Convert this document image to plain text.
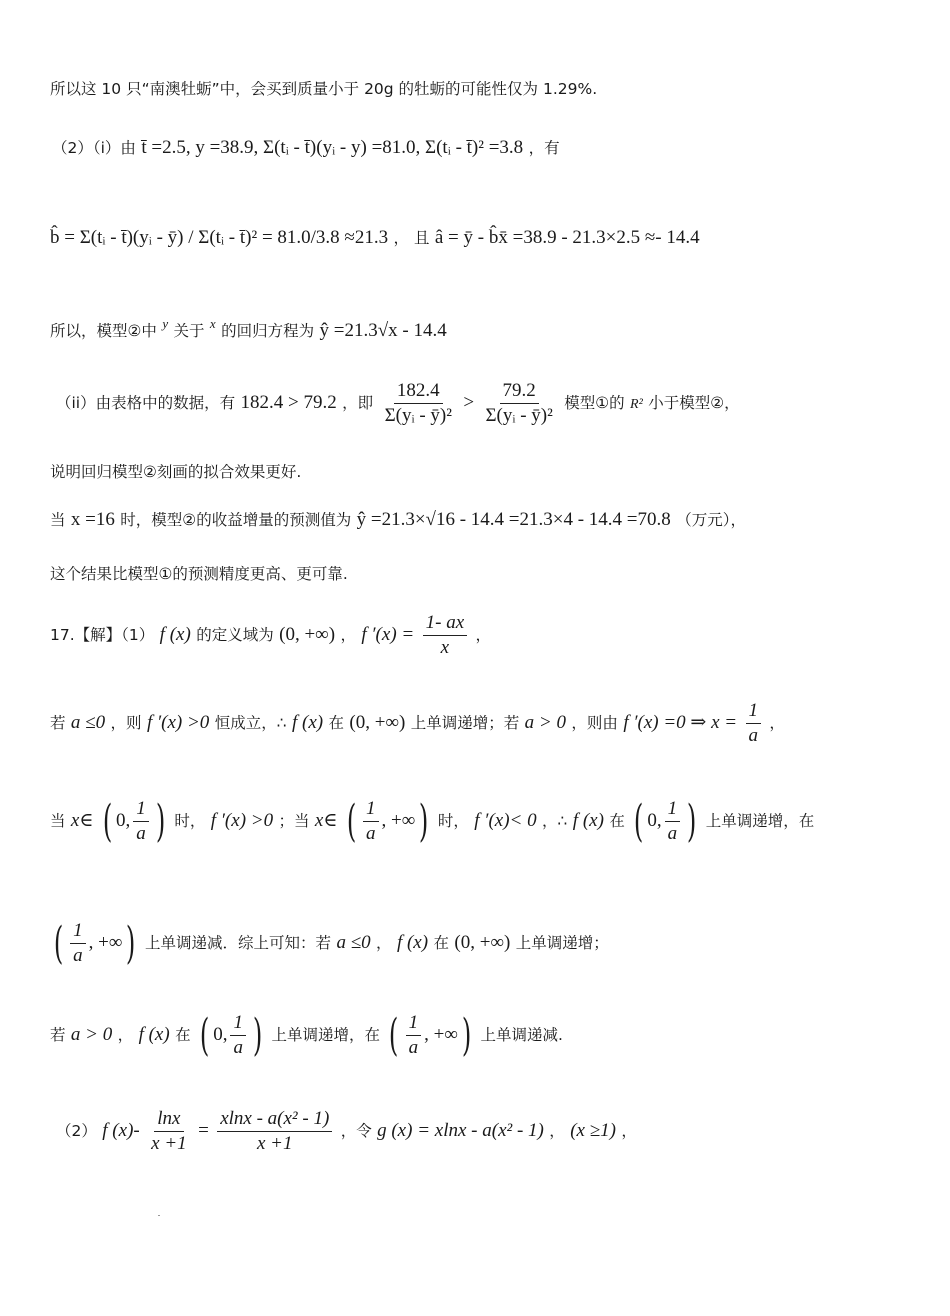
所以这 10 只“南澳牡蛎”中，会买到质量小于 20g 的牡蛎的可能性仅为 1.29%.
（2）（i）由 t̄ =2.5, y =38.9, Σ(tᵢ - t̄)(yᵢ - y) =81.0, Σ(tᵢ - t̄)² =3.8 ，有
b̂ = Σ(tᵢ - t̄)(yᵢ - ȳ) / Σ(tᵢ - t̄)² = 81.0/3.8 ≈21.3 ， 且 â = ȳ - b̂x̄ =38.9 - 21.3×2.5 ≈- 14.4
所以，模型②中 $^y$ 关于 $^x$ 的回归方程为 ŷ =21.3√x - 14.4
（ii）由表格中的数据，有 182.4 > 79.2 ，即 $\frac{182.4}{\text{Σ(yᵢ - ȳ)²}} > \frac{79.2}{\text{Σ(yᵢ - ȳ)²}}$ 模型①的 R² 小于模型②，
说明回归模型②刻画的拟合效果更好.
当 x =16 时，模型②的收益增量的预测值为 ŷ =21.3×√16 - 14.4 =21.3×4 - 14.4 =70.8 （万元），
这个结果比模型①的预测精度更高、更可靠.
17.【解】（1） f (x) 的定义域为 (0, +∞) ， f $'(x) = \frac{1- ax}{x}$ ，
若 a ≤0 ，则 f ′(x) >0 恒成立，∴ f (x) 在 (0, +∞) 上单调递增；若 a > 0 ，则由 f ′(x) =0 ⇒ $x = \frac{1}{a}$ ，
当 x∈ ( 0, $\frac{1}{a}$ ) 时， f ′(x) >0 ；当 x∈ ( $\frac{1}{a}$ , +∞) 时， f ′(x)< 0 ，∴ f (x) 在 ( 0, $\frac{1}{a}$ ) 上单调递增，在
( $\frac{1}{a}$ , +∞) 上单调递减．综上可知：若 a ≤0 ， f (x) 在 (0, +∞) 上单调递增；
若 a > 0 ， f (x) 在 ( 0, $\frac{1}{a}$ ) 上单调递增，在 ( $\frac{1}{a}$ , +∞) 上单调递减.
（2） f $(x)- \frac{\ln x}{x +1} = \frac{\text{xlnx - a(x² - 1)}}{x +1}$ ，令 g (x) = xlnx - a(x² - 1) ， (x ≥1) ，
